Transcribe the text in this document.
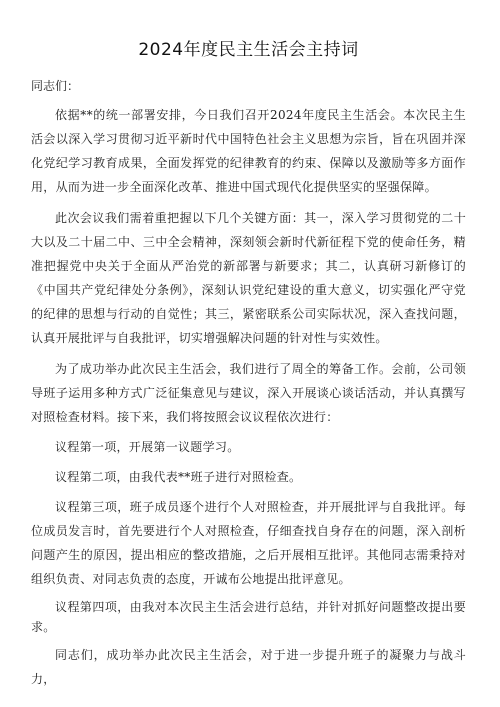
2024年度民主生活会主持词

同志们：

依据**的统一部署安排，今日我们召开2024年度民主生活会。本次民主生活会以深入学习贯彻习近平新时代中国特色社会主义思想为宗旨，旨在巩固并深化党纪学习教育成果，全面发挥党的纪律教育的约束、保障以及激励等多方面作用，从而为进一步全面深化改革、推进中国式现代化提供坚实的坚强保障。

此次会议我们需着重把握以下几个关键方面：其一，深入学习贯彻党的二十大以及二十届二中、三中全会精神，深刻领会新时代新征程下党的使命任务，精准把握党中央关于全面从严治党的新部署与新要求；其二，认真研习新修订的《中国共产党纪律处分条例》，深刻认识党纪建设的重大意义，切实强化严守党的纪律的思想与行动的自觉性；其三，紧密联系公司实际状况，深入查找问题，认真开展批评与自我批评，切实增强解决问题的针对性与实效性。

为了成功举办此次民主生活会，我们进行了周全的筹备工作。会前，公司领导班子运用多种方式广泛征集意见与建议，深入开展谈心谈话活动，并认真撰写对照检查材料。接下来，我们将按照会议议程依次进行：

议程第一项，开展第一议题学习。

议程第二项，由我代表**班子进行对照检查。

议程第三项，班子成员逐个进行个人对照检查，并开展批评与自我批评。每位成员发言时，首先要进行个人对照检查，仔细查找自身存在的问题，深入剖析问题产生的原因，提出相应的整改措施，之后开展相互批评。其他同志需秉持对组织负责、对同志负责的态度，开诚布公地提出批评意见。

议程第四项，由我对本次民主生活会进行总结，并针对抓好问题整改提出要求。

同志们，成功举办此次民主生活会，对于进一步提升班子的凝聚力与战斗力，
